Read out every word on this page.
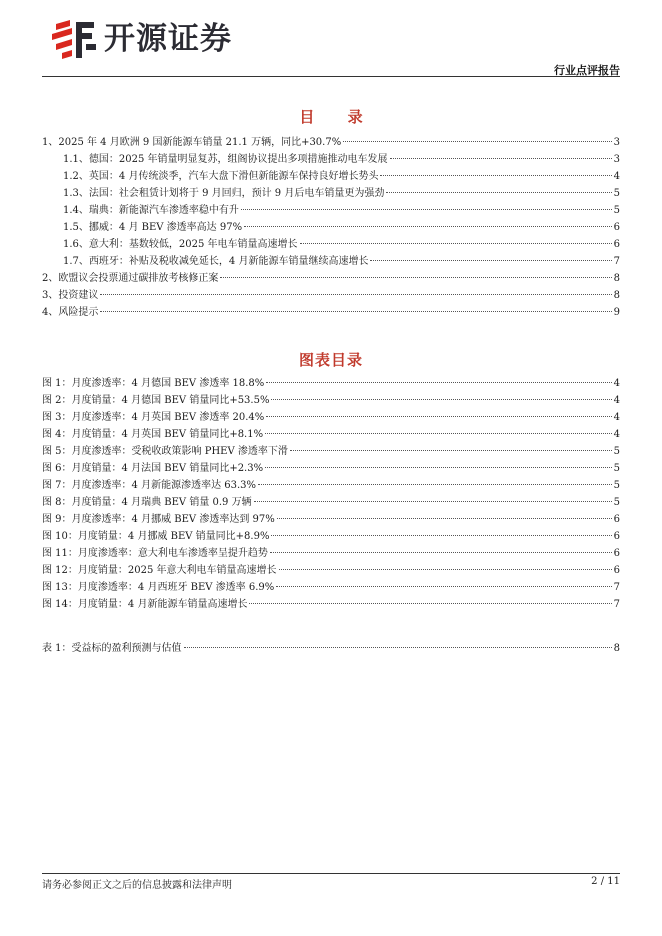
开源证券
行业点评报告
目 录
1、 2025 年 4 月欧洲 9 国新能源车销量 21.1 万辆，同比+30.7%	3
1.1、 德国：2025 年销量明显复苏，组阁协议提出多项措施推动电车发展	3
1.2、 英国：4 月传统淡季，汽车大盘下滑但新能源车保持良好增长势头	4
1.3、 法国：社会租赁计划将于 9 月回归，预计 9 月后电车销量更为强劲	5
1.4、 瑞典：新能源汽车渗透率稳中有升	5
1.5、 挪威：4 月 BEV 渗透率高达 97%	6
1.6、 意大利：基数较低，2025 年电车销量高速增长	6
1.7、 西班牙：补贴及税收减免延长，4 月新能源车销量继续高速增长	7
2、 欧盟议会投票通过碳排放考核修正案	8
3、 投资建议	8
4、 风险提示	9
图表目录
图 1： 月度渗透率：4 月德国 BEV 渗透率 18.8%	4
图 2： 月度销量：4 月德国 BEV 销量同比+53.5%	4
图 3： 月度渗透率：4 月英国 BEV 渗透率 20.4%	4
图 4： 月度销量：4 月英国 BEV 销量同比+8.1%	4
图 5： 月度渗透率：受税收政策影响 PHEV 渗透率下滑	5
图 6： 月度销量：4 月法国 BEV 销量同比+2.3%	5
图 7： 月度渗透率：4 月新能源渗透率达 63.3%	5
图 8： 月度销量：4 月瑞典 BEV 销量 0.9 万辆	5
图 9： 月度渗透率：4 月挪威 BEV 渗透率达到 97%	6
图 10： 月度销量：4 月挪威 BEV 销量同比+8.9%	6
图 11： 月度渗透率：意大利电车渗透率呈提升趋势	6
图 12： 月度销量：2025 年意大利电车销量高速增长	6
图 13： 月度渗透率：4 月西班牙 BEV 渗透率 6.9%	7
图 14： 月度销量：4 月新能源车销量高速增长	7
表 1： 受益标的盈利预测与估值	8
请务必参阅正文之后的信息披露和法律声明	2 / 11
